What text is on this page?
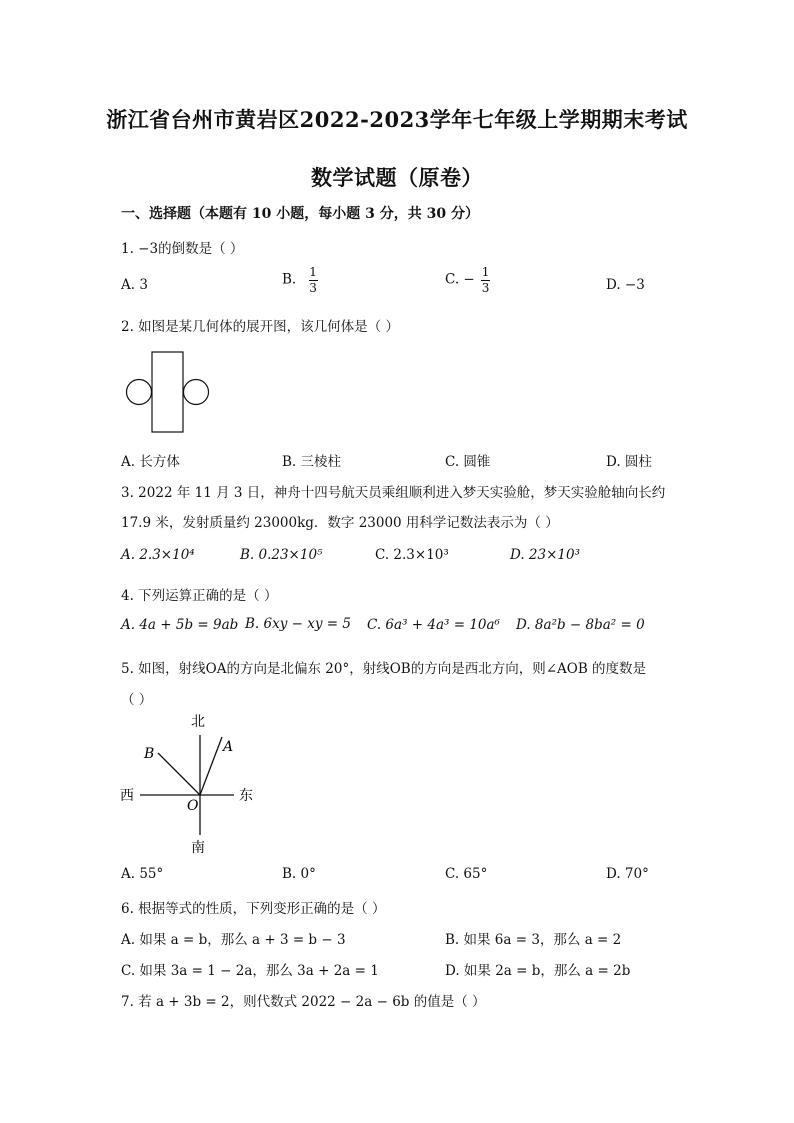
浙江省台州市黄岩区2022-2023学年七年级上学期期末考试
数学试题（原卷）
一、选择题（本题有 10 小题，每小题 3 分，共 30 分）
1. −3的倒数是（ ）
A. 3	B. $\frac{1}{3}$	C. − $\frac{1}{3}$	D. −3
2. 如图是某几何体的展开图，该几何体是（ ）
A. 长方体	B. 三棱柱	C. 圆锥	D. 圆柱
3. 2022 年 11 月 3 日，神舟十四号航天员乘组顺利进入梦天实验舱，梦天实验舱轴向长约
17.9 米，发射质量约 23000kg．数字 23000 用科学记数法表示为（ ）
A. 2.3×10⁴	B. 0.23×10⁵	C. 2.3×10³	D. 23×10³
4. 下列运算正确的是（ ）
A. 4a + 5b = 9ab B. 6xy − xy = 5 C. 6a³ + 4a³ = 10a⁶ D. 8a²b − 8ba² = 0
5. 如图，射线OA的方向是北偏东 20°，射线OB的方向是西北方向，则∠AOB 的度数是
（ ）
北
南
西	东
A
B
O
A. 55°	B. 0°	C. 65°	D. 70°
6. 根据等式的性质，下列变形正确的是（ ）
A. 如果 a = b，那么 a + 3 = b − 3	B. 如果 6a = 3，那么 a = 2
C. 如果 3a = 1 − 2a，那么 3a + 2a = 1	D. 如果 2a = b，那么 a = 2b
7. 若 a + 3b = 2，则代数式 2022 − 2a − 6b 的值是（ ）
